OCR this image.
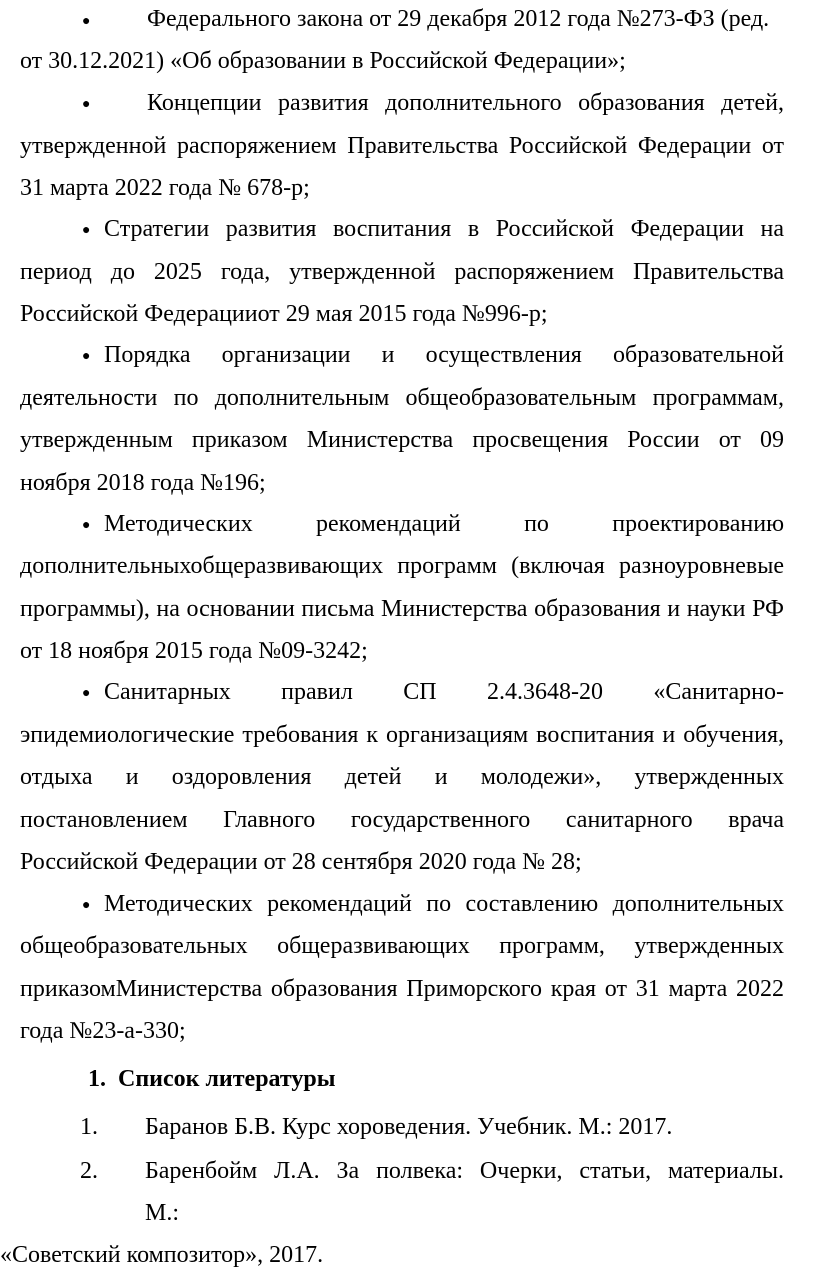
● Федерального закона от 29 декабря 2012 года №273-ФЗ (ред.
от 30.12.2021) «Об образовании в Российской Федерации»;
● Концепции развития дополнительного образования детей,
утвержденной распоряжением Правительства Российской Федерации от
31 марта 2022 года № 678-р;
● Стратегии развития воспитания в Российской Федерации на
период до 2025 года, утвержденной распоряжением Правительства
Российской Федерацииот 29 мая 2015 года №996-р;
● Порядка организации и осуществления образовательной
деятельности по дополнительным общеобразовательным программам,
утвержденным приказом Министерства просвещения России от 09
ноября 2018 года №196;
● Методических рекомендаций по проектированию
дополнительныхобщеразвивающих программ (включая разноуровневые
программы), на основании письма Министерства образования и науки РФ
от 18 ноября 2015 года №09-3242;
● Санитарных правил СП 2.4.3648-20 «Санитарно-
эпидемиологические требования к организациям воспитания и обучения,
отдыха и оздоровления детей и молодежи», утвержденных
постановлением Главного государственного санитарного врача
Российской Федерации от 28 сентября 2020 года № 28;
● Методических рекомендаций по составлению дополнительных
общеобразовательных общеразвивающих программ, утвержденных
приказомМинистерства образования Приморского края от 31 марта 2022
года №23-а-330;
1. Список литературы
1. Баранов Б.В. Курс хороведения. Учебник. М.: 2017.
2. Баренбойм Л.А. За полвека: Очерки, статьи, материалы.
М.:
«Советский композитор», 2017.
